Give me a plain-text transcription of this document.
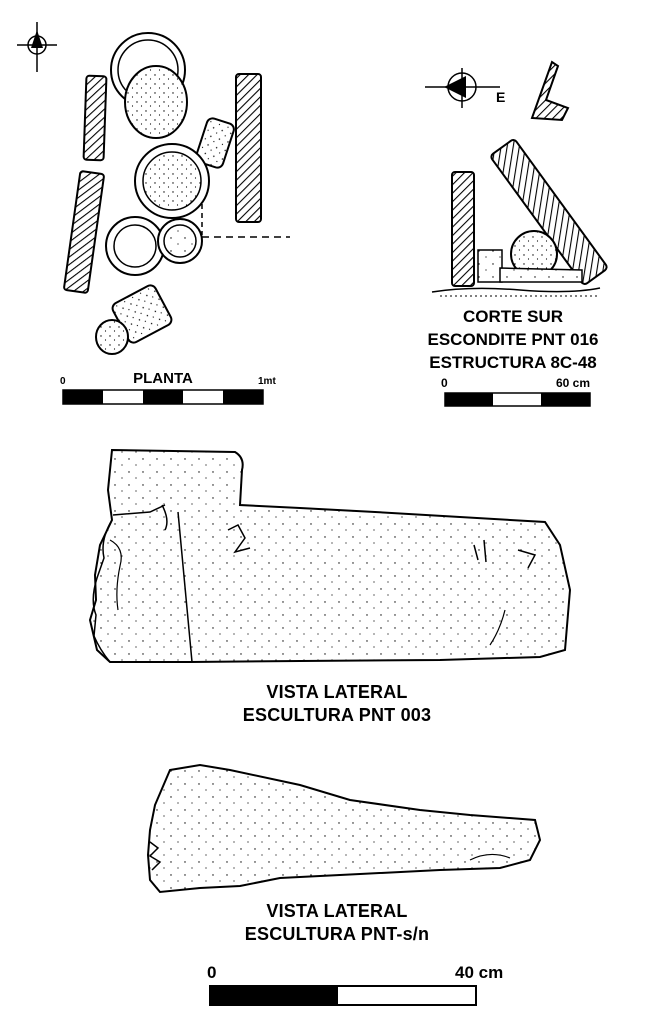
0	PLANTA	1mt
E
CORTE SUR
ESCONDITE PNT 016
ESTRUCTURA 8C-48
0	60 cm
VISTA LATERAL
ESCULTURA PNT 003
VISTA LATERAL
ESCULTURA PNT-s/n
0	40 cm
